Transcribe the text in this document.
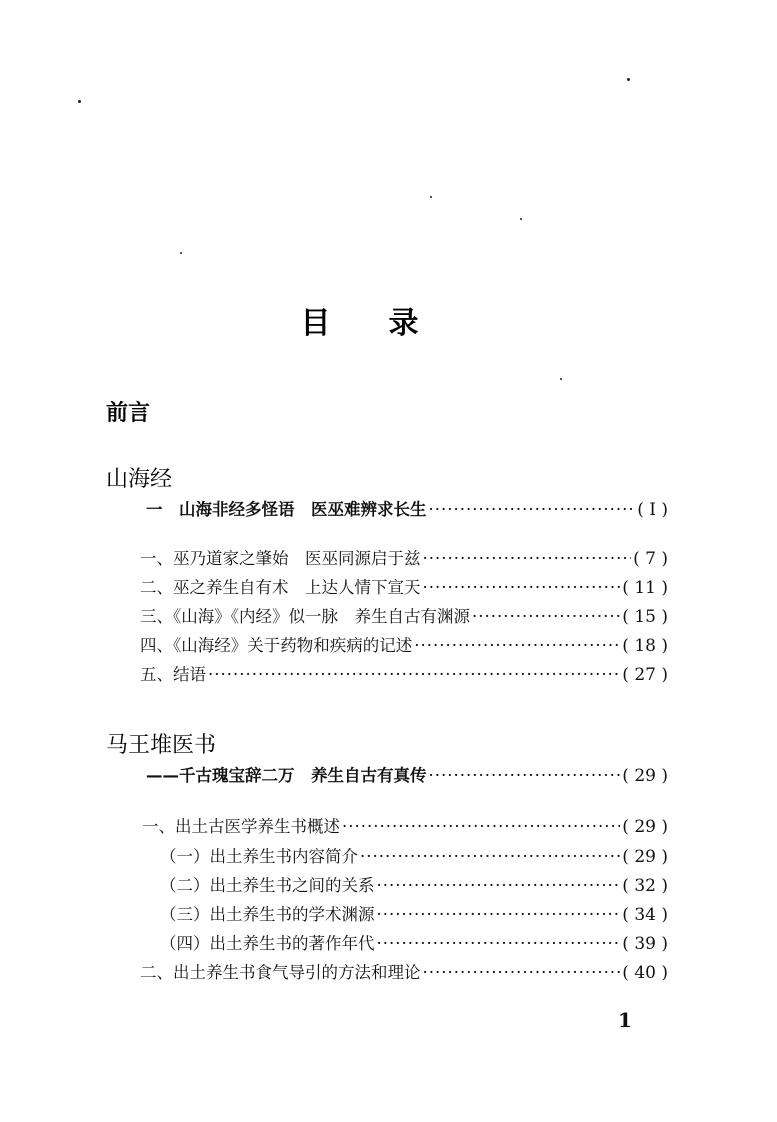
目录
前言
山海经
一　山海非经多怪语　医巫难辨求长生 ·····	( I )
一、巫乃道家之肇始　医巫同源启于兹 ·····	( 7 )
二、巫之养生自有术　上达人情下宣天 ·····	( 11 )
三、《山海》《内经》似一脉　养生自古有渊源 ·····	( 15 )
四、《山海经》关于药物和疾病的记述 ·····	( 18 )
五、结语 ·····	( 27 )
马王堆医书
——千古瑰宝辞二万　养生自古有真传 ·····	( 29 )
一、出土古医学养生书概述 ·····	( 29 )
（一）出土养生书内容简介 ·····	( 29 )
（二）出土养生书之间的关系 ·····	( 32 )
（三）出土养生书的学术渊源 ·····	( 34 )
（四）出土养生书的著作年代 ·····	( 39 )
二、出土养生书食气导引的方法和理论 ·····	( 40 )
1
